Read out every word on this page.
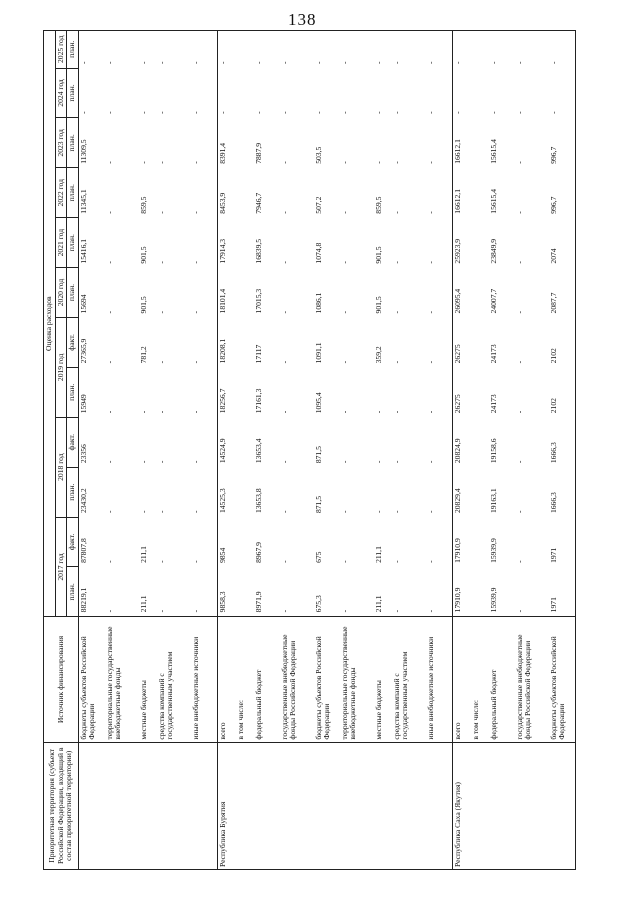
138
Приоритетная территория (субъект Российской Федерации, входящий в состав приоритетной территории)	Источник финансирования	Оценка расходов											
		2017 год		2018 год		2019 год		2020 год	2021 год	2022 год	2023 год	2024 год	2025 год
		план.	факт.	план.	факт.	план.	факт.	план.	план.	план.	план.	план.	план.
	бюджеты субъектов Российской Федерации	88219,1	87807,8	23430,2	23356	15949	27365,9	15694	15416,1	11345,1	11309,5	-	-
	территориальные государственные внебюджетные фонды	-	-	-	-	-	-	-	-	-	-	-	-
	местные бюджеты	211,1	211,1	-	-	-	781,2	901,5	901,5	859,5	-	-	-
	средства компаний с государственным участием	-	-	-	-	-	-	-	-	-	-	-	-
	иные внебюджетные источники	-	-	-	-	-	-	-	-	-	-	-	-
Республика Бурятия	всего	9858,3	9854	14525,3	14524,9	18256,7	18208,1	18101,4	17914,3	8453,9	8391,4	-	-
	в том числе:												
	федеральный бюджет	8971,9	8967,9	13653,8	13653,4	17161,3	17117	17015,3	16839,5	7946,7	7887,9	-	-
	государственные внебюджетные фонды Российской Федерации	-	-	-	-	-	-	-	-	-	-	-	-
	бюджеты субъектов Российской Федерации	675,3	675	871,5	871,5	1095,4	1091,1	1086,1	1074,8	507,2	503,5	-	-
	территориальные государственные внебюджетные фонды	-	-	-	-	-	-	-	-	-	-	-	-
	местные бюджеты	211,1	211,1	-	-	-	359,2	901,5	901,5	859,5	-	-	-
	средства компаний с государственным участием	-	-	-	-	-	-	-	-	-	-	-	-
	иные внебюджетные источники	-	-	-	-	-	-	-	-	-	-	-	-
Республика Саха (Якутия)	всего	17910,9	17910,9	20829,4	20824,9	26275	26275	26095,4	25923,9	16612,1	16612,1	-	-
	в том числе:												
	федеральный бюджет	15939,9	15939,9	19163,1	19158,6	24173	24173	24007,7	23849,9	15615,4	15615,4	-	-
	государственные внебюджетные фонды Российской Федерации	-	-	-	-	-	-	-	-	-	-	-	-
	бюджеты субъектов Российской Федерации	1971	1971	1666,3	1666,3	2102	2102	2087,7	2074	996,7	996,7	-	-
